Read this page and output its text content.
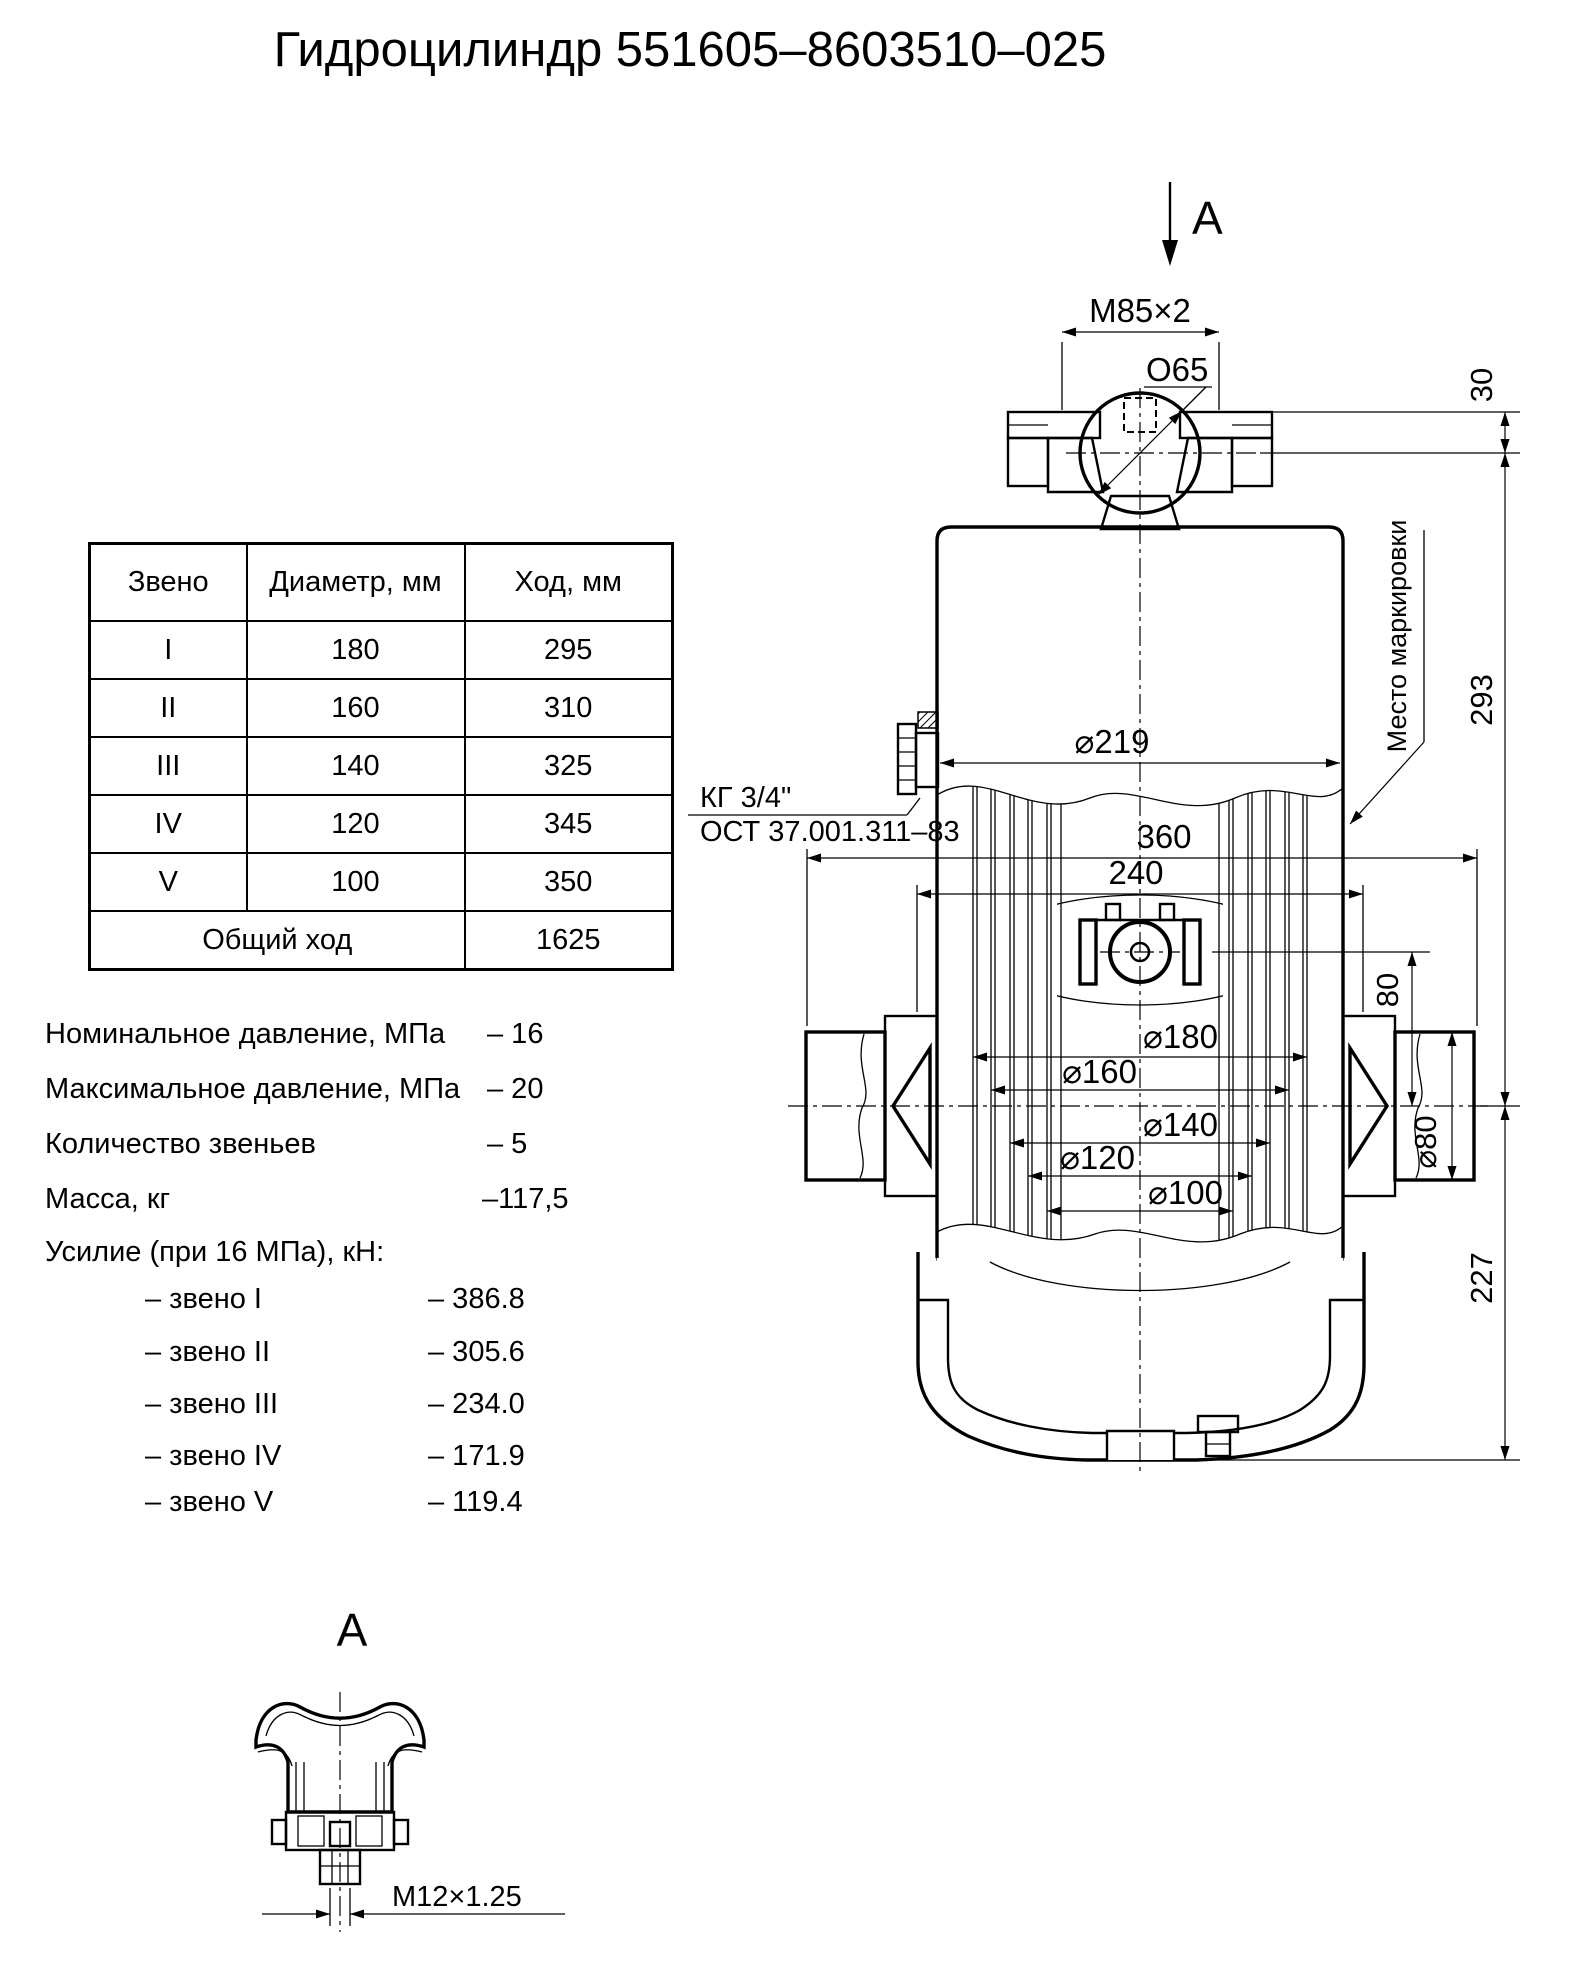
Гидроцилиндр 551605–8603510–025
Звено	Диаметр, мм	Ход, мм
I	180	295
II	160	310
III	140	325
IV	120	345
V	100	350
Общий ход		1625
Номинальное давление, МПа – 16
Максимальное давление, МПа – 20
Количество звеньев	– 5
Масса, кг	–117,5
Усилие (при 16 МПа), кН:
– звено I	– 386.8
– звено II	– 305.6
– звено III	– 234.0
– звено IV	– 171.9
– звено V	– 119.4
M85×2
О65
⌀219
360
240
⌀180
⌀160
⌀140
⌀120
⌀100
80
⌀80
30
293
227
Место маркировки
КГ 3/4"
ОСТ 37.001.311–83
A
A
M12×1.25
